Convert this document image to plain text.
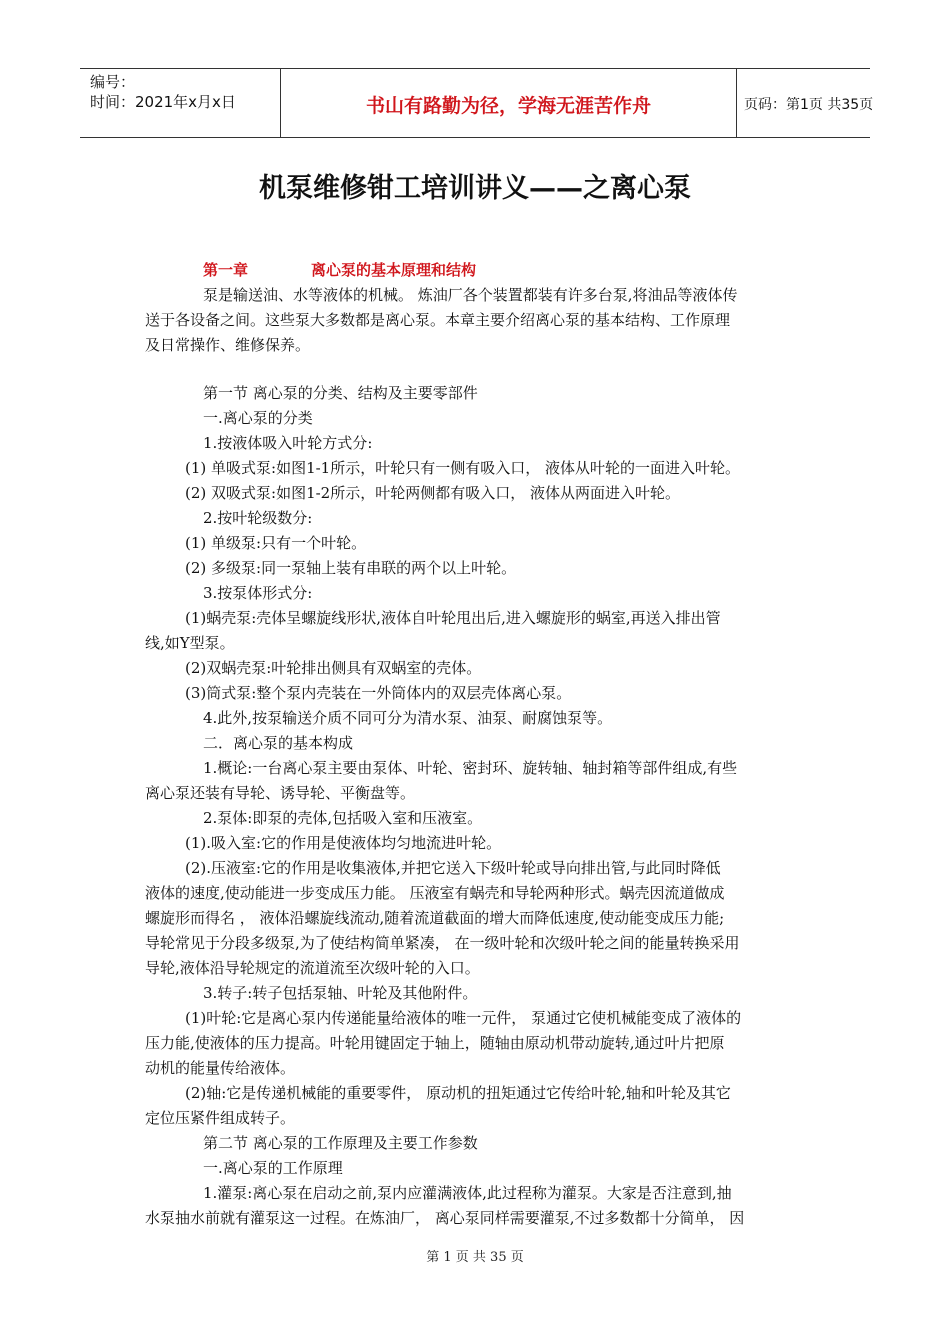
编号：
时间：2021年x月x日	书山有路勤为径，学海无涯苦作舟	页码：第1页 共35页
机泵维修钳工培训讲义——之离心泵
第一章	离心泵的基本原理和结构
泵是输送油、水等液体的机械。 炼油厂各个装置都装有许多台泵,将油品等液体传
送于各设备之间。这些泵大多数都是离心泵。本章主要介绍离心泵的基本结构、工作原理
及日常操作、维修保养。
第一节 离心泵的分类、结构及主要零部件
一.离心泵的分类
1.按液体吸入叶轮方式分:
(1) 单吸式泵:如图1-1所示，叶轮只有一侧有吸入口， 液体从叶轮的一面进入叶轮。
(2) 双吸式泵:如图1-2所示，叶轮两侧都有吸入口， 液体从两面进入叶轮。
2.按叶轮级数分:
(1) 单级泵:只有一个叶轮。
(2) 多级泵:同一泵轴上装有串联的两个以上叶轮。
3.按泵体形式分:
(1)蜗壳泵:壳体呈螺旋线形状,液体自叶轮甩出后,进入螺旋形的蜗室,再送入排出管
线,如Y型泵。
(2)双蜗壳泵:叶轮排出侧具有双蜗室的壳体。
(3)筒式泵:整个泵内壳装在一外筒体内的双层壳体离心泵。
4.此外,按泵输送介质不同可分为清水泵、油泵、耐腐蚀泵等。
二．离心泵的基本构成
1.概论:一台离心泵主要由泵体、叶轮、密封环、旋转轴、轴封箱等部件组成,有些
离心泵还装有导轮、诱导轮、平衡盘等。
2.泵体:即泵的壳体,包括吸入室和压液室。
(1).吸入室:它的作用是使液体均匀地流进叶轮。
(2).压液室:它的作用是收集液体,并把它送入下级叶轮或导向排出管,与此同时降低
液体的速度,使动能进一步变成压力能。 压液室有蜗壳和导轮两种形式。蜗壳因流道做成
螺旋形而得名 ， 液体沿螺旋线流动,随着流道截面的增大而降低速度,使动能变成压力能;
导轮常见于分段多级泵,为了使结构简单紧凑， 在一级叶轮和次级叶轮之间的能量转换采用
导轮,液体沿导轮规定的流道流至次级叶轮的入口。
3.转子:转子包括泵轴、叶轮及其他附件。
(1)叶轮:它是离心泵内传递能量给液体的唯一元件， 泵通过它使机械能变成了液体的
压力能,使液体的压力提高。叶轮用键固定于轴上，随轴由原动机带动旋转,通过叶片把原
动机的能量传给液体。
(2)轴:它是传递机械能的重要零件， 原动机的扭矩通过它传给叶轮,轴和叶轮及其它
定位压紧件组成转子。
第二节 离心泵的工作原理及主要工作参数
一.离心泵的工作原理
1.灌泵:离心泵在启动之前,泵内应灌满液体,此过程称为灌泵。大家是否注意到,抽
水泵抽水前就有灌泵这一过程。在炼油厂， 离心泵同样需要灌泵,不过多数都十分简单， 因
第 1 页 共 35 页
